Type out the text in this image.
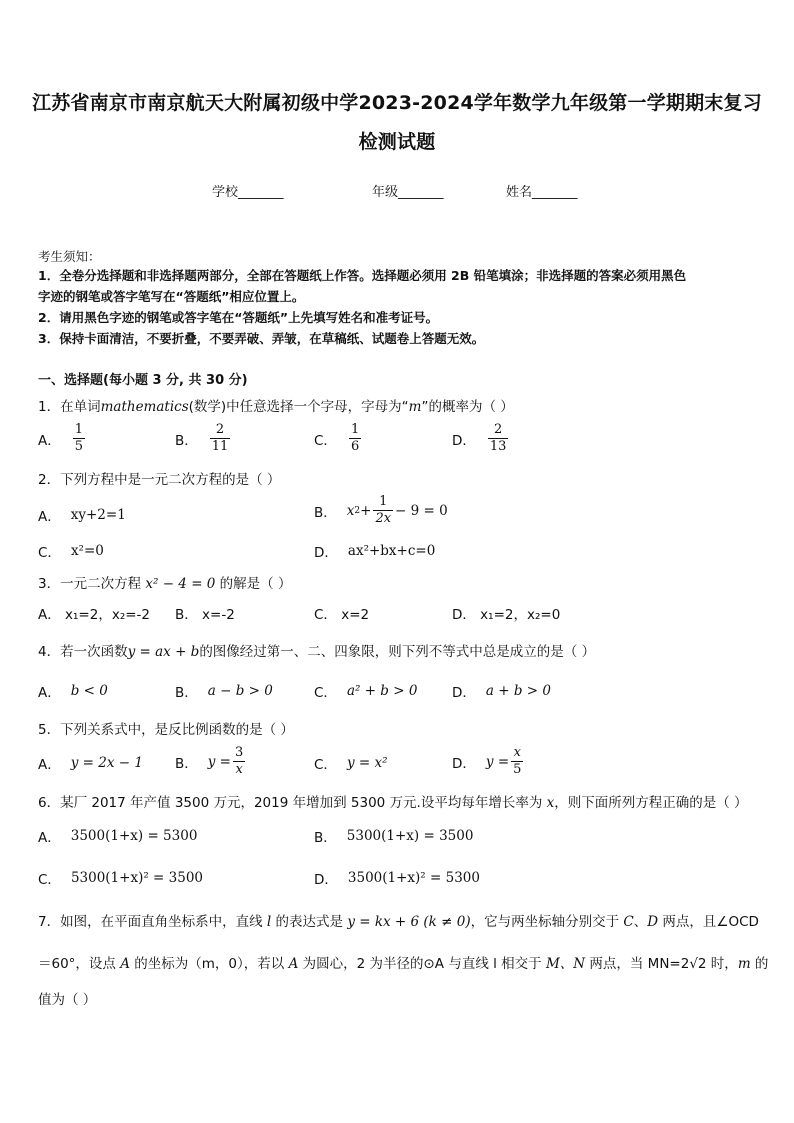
江苏省南京市南京航天大附属初级中学2023-2024学年数学九年级第一学期期末复习
检测试题
学校_______	年级_______	姓名_______
考生须知：
1．全卷分选择题和非选择题两部分，全部在答题纸上作答。选择题必须用 2B 铅笔填涂；非选择题的答案必须用黑色
字迹的钢笔或答字笔写在“答题纸”相应位置上。
2．请用黑色字迹的钢笔或答字笔在“答题纸”上先填写姓名和准考证号。
3．保持卡面清洁，不要折叠，不要弄破、弄皱，在草稿纸、试题卷上答题无效。
一、选择题(每小题 3 分, 共 30 分)
1．在单词mathematics(数学)中任意选择一个字母，字母为“m”的概率为（ ）
A． $\frac{1}{5}$	B． $\frac{2}{11}$	C． $\frac{1}{6}$	D． $\frac{2}{13}$
2．下列方程中是一元二次方程的是（ ）
A． xy+2=1	B． x $2 + \frac{1}{2x} - 9 = 0$
C． x²=0	D． ax²+bx+c=0
3．一元二次方程 x² − 4 = 0 的解是（ ）
A． x₁=2，x₂=-2 B． x=-2	C． x=2	D． x₁=2，x₂=0
4．若一次函数y = ax + b的图像经过第一、二、四象限，则下列不等式中总是成立的是（ ）
A． b < 0	B． a − b > 0	C． a² + b > 0	D． a + b > 0
5．下列关系式中，是反比例函数的是（ ）
A． y = 2x − 1 B． $y = \frac{3}{x}$	C． y = x²	D． $y = \frac{x}{5}$
6．某厂 2017 年产值 3500 万元，2019 年增加到 5300 万元.设平均每年增长率为 x，则下面所列方程正确的是（ ）
A． 3500(1+x) = 5300	B． 5300(1+x) = 3500
C． 5300(1+x)² = 3500	D． 3500(1+x)² = 5300
7．如图，在平面直角坐标系中，直线 l 的表达式是 y = kx + 6 (k ≠ 0)，它与两坐标轴分别交于 C、D 两点，且∠OCD
＝60°，设点 A 的坐标为（m，0），若以 A 为圆心，2 为半径的⊙A 与直线 l 相交于 M、N 两点，当 MN=2√2 时，m 的
值为（ ）
